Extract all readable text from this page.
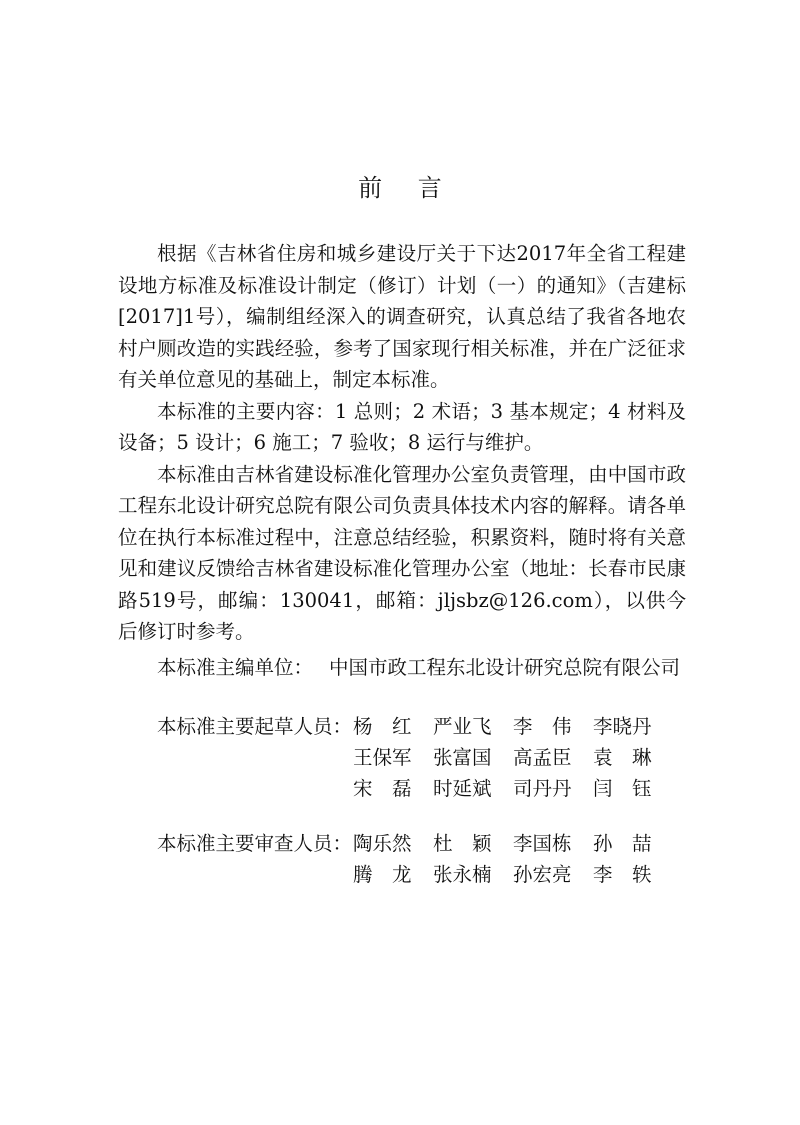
前 言

根据《吉林省住房和城乡建设厅关于下达2017年全省工程建设地方标准及标准设计制定（修订）计划（一）的通知》（吉建标[2017]1号），编制组经深入的调查研究，认真总结了我省各地农村户厕改造的实践经验，参考了国家现行相关标准，并在广泛征求有关单位意见的基础上，制定本标准。

本标准的主要内容：1 总则；2 术语；3 基本规定；4 材料及设备；5 设计；6 施工；7 验收；8 运行与维护。

本标准由吉林省建设标准化管理办公室负责管理，由中国市政工程东北设计研究总院有限公司负责具体技术内容的解释。请各单位在执行本标准过程中，注意总结经验，积累资料，随时将有关意见和建议反馈给吉林省建设标准化管理办公室（地址：长春市民康路519号，邮编：130041，邮箱：jljsbz@126.com），以供今后修订时参考。

本标准主编单位： 中国市政工程东北设计研究总院有限公司
本标准主要起草人员： 杨　红	严业飞	李　伟	李晓丹
王保军	张富国	高孟臣	袁　琳
宋　磊	时延斌	司丹丹	闫　钰
本标准主要审查人员： 陶乐然	杜　颖	李国栋	孙　喆
腾　龙	张永楠	孙宏亮	李　轶
